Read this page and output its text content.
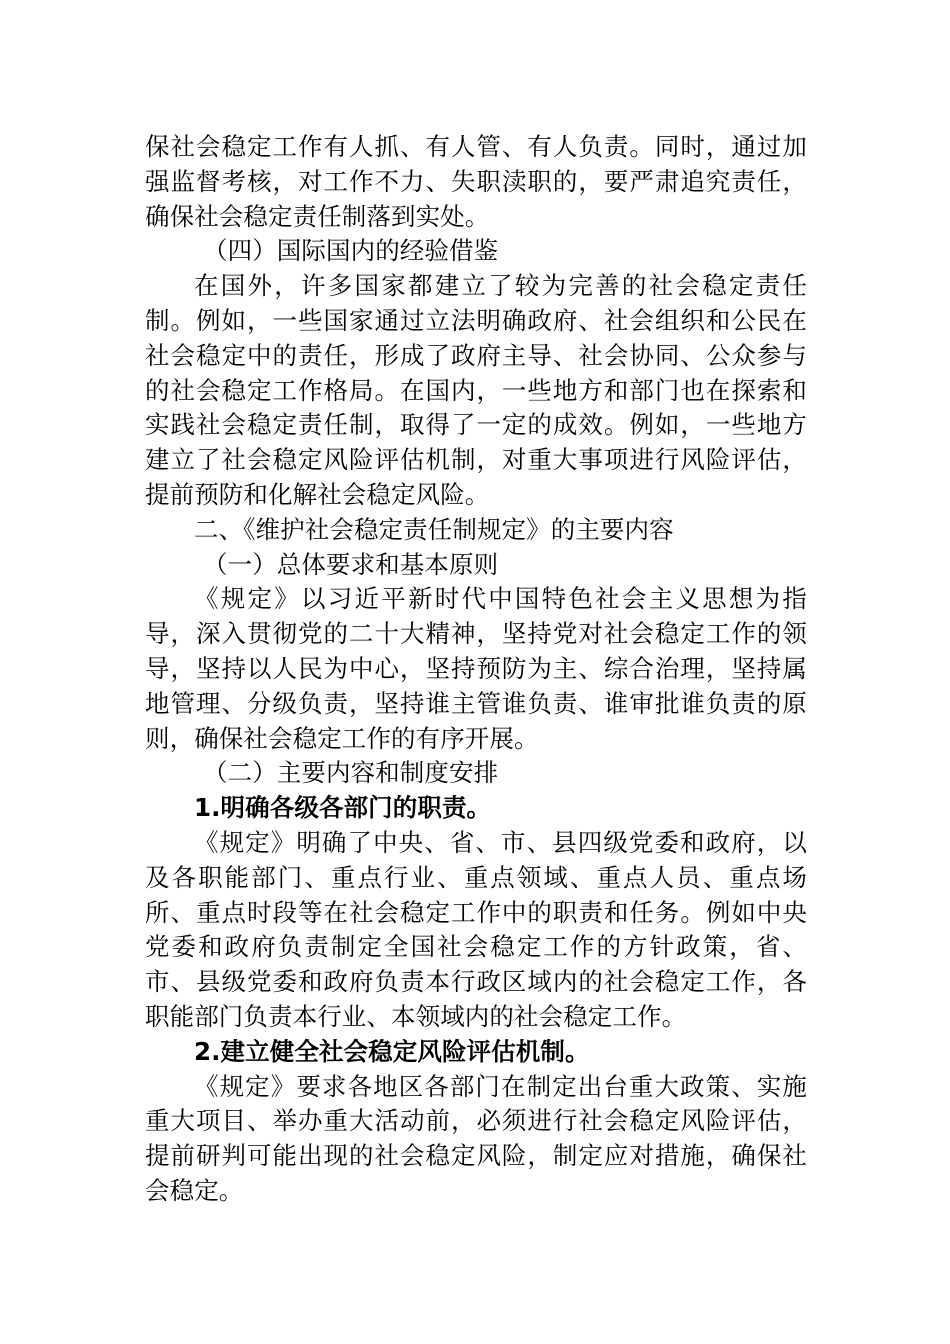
保社会稳定工作有人抓、有人管、有人负责。同时，通过加强监督考核，对工作不力、失职渎职的，要严肃追究责任，确保社会稳定责任制落到实处。

（四）国际国内的经验借鉴

在国外，许多国家都建立了较为完善的社会稳定责任制。例如，一些国家通过立法明确政府、社会组织和公民在社会稳定中的责任，形成了政府主导、社会协同、公众参与的社会稳定工作格局。在国内，一些地方和部门也在探索和实践社会稳定责任制，取得了一定的成效。例如，一些地方建立了社会稳定风险评估机制，对重大事项进行风险评估，提前预防和化解社会稳定风险。

二、《维护社会稳定责任制规定》的主要内容

（一）总体要求和基本原则

《规定》以习近平新时代中国特色社会主义思想为指导，深入贯彻党的二十大精神，坚持党对社会稳定工作的领导，坚持以人民为中心，坚持预防为主、综合治理，坚持属地管理、分级负责，坚持谁主管谁负责、谁审批谁负责的原则，确保社会稳定工作的有序开展。

（二）主要内容和制度安排

1.明确各级各部门的职责。

《规定》明确了中央、省、市、县四级党委和政府，以及各职能部门、重点行业、重点领域、重点人员、重点场所、重点时段等在社会稳定工作中的职责和任务。例如中央党委和政府负责制定全国社会稳定工作的方针政策，省、市、县级党委和政府负责本行政区域内的社会稳定工作，各职能部门负责本行业、本领域内的社会稳定工作。

2.建立健全社会稳定风险评估机制。

《规定》要求各地区各部门在制定出台重大政策、实施重大项目、举办重大活动前，必须进行社会稳定风险评估，提前研判可能出现的社会稳定风险，制定应对措施，确保社会稳定。
